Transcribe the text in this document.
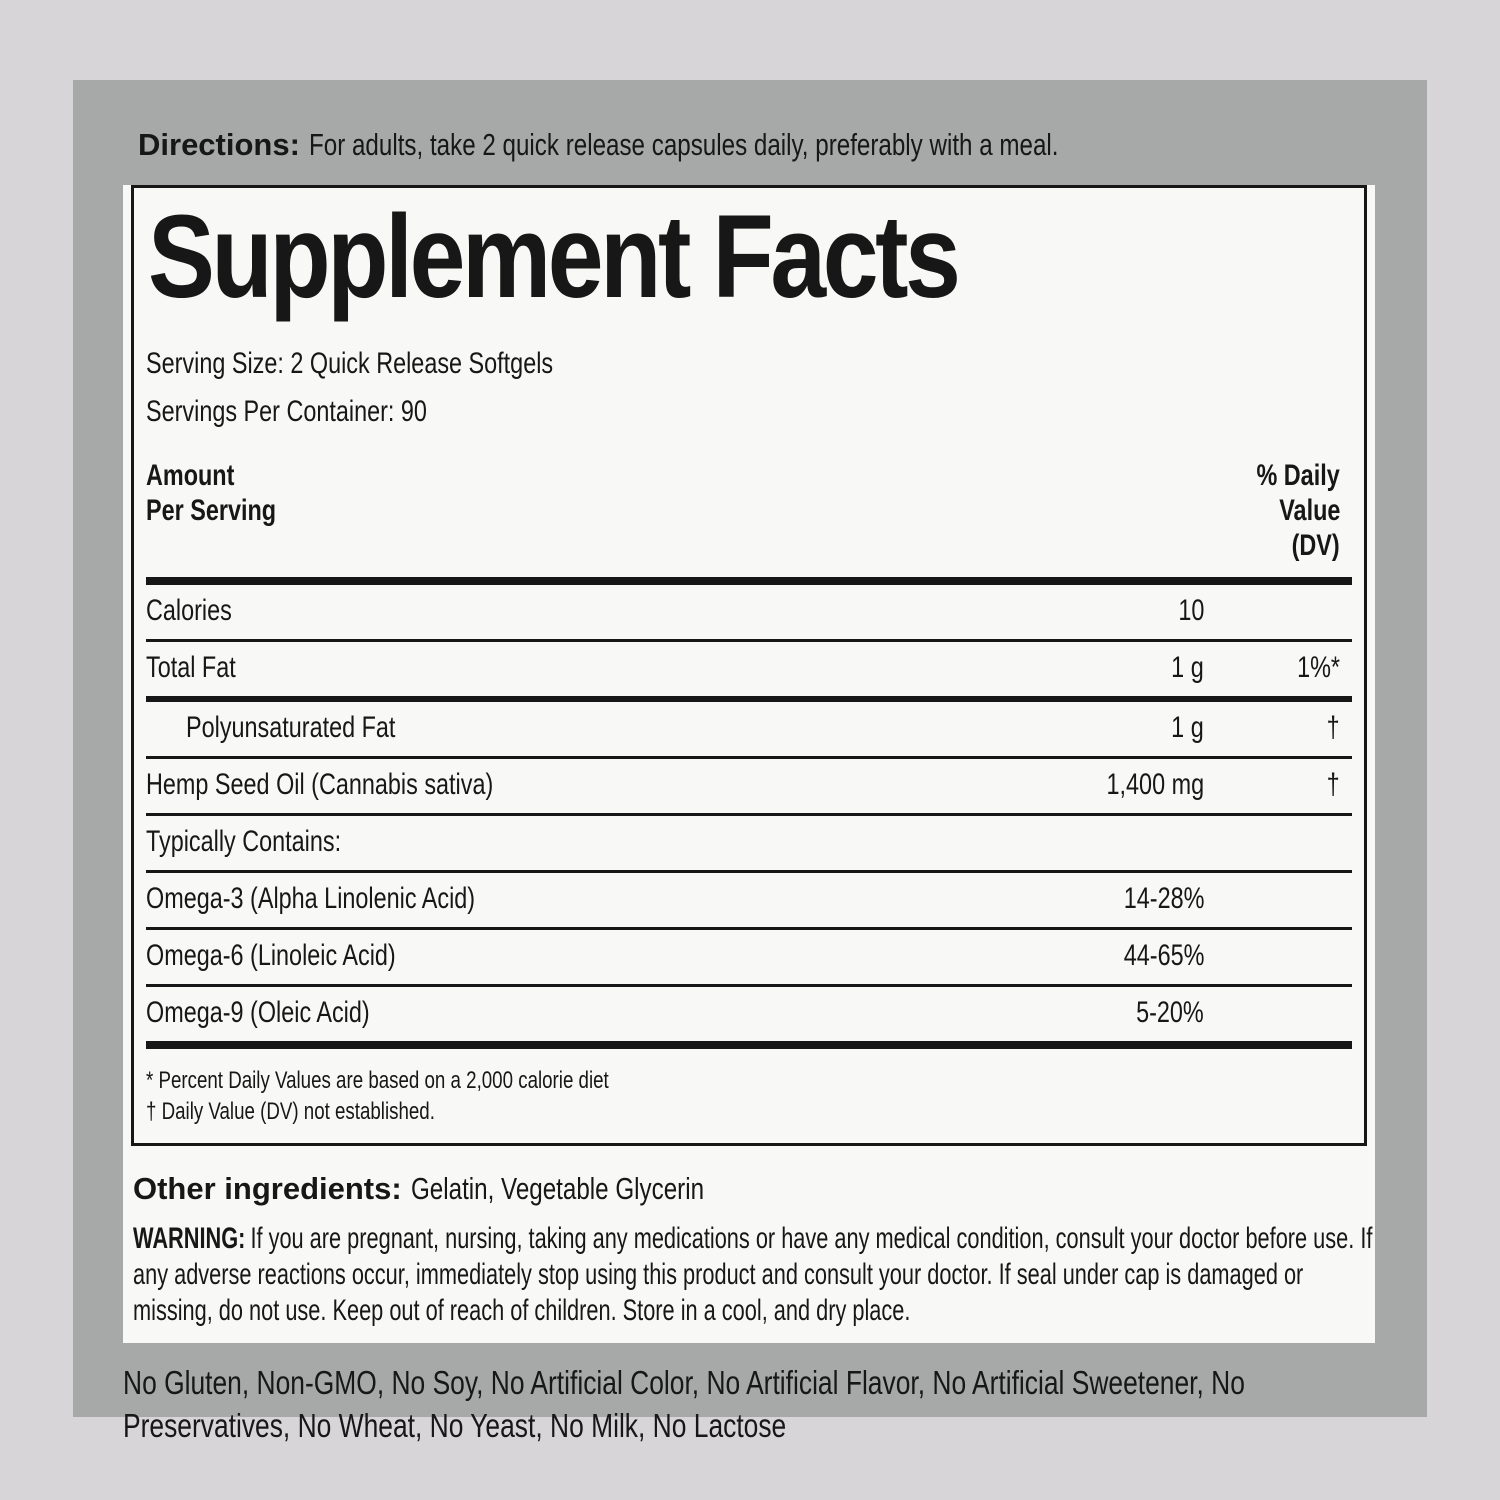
Directions: For adults, take 2 quick release capsules daily, preferably with a meal.
Supplement Facts
Serving Size: 2 Quick Release Softgels
Servings Per Container: 90
Amount
Per Serving
% Daily
Value
(DV)
Calories	10
Total Fat	1 g	1%*
Polyunsaturated Fat	1 g	†
Hemp Seed Oil (Cannabis sativa)	1,400 mg	†
Typically Contains:
Omega-3 (Alpha Linolenic Acid)	14-28%
Omega-6 (Linoleic Acid)	44-65%
Omega-9 (Oleic Acid)	5-20%
* Percent Daily Values are based on a 2,000 calorie diet
† Daily Value (DV) not established.
Other ingredients: Gelatin, Vegetable Glycerin
WARNING: If you are pregnant, nursing, taking any medications or have any medical condition, consult your doctor before use. If any adverse reactions occur, immediately stop using this product and consult your doctor. If seal under cap is damaged or missing, do not use. Keep out of reach of children. Store in a cool, and dry place.
No Gluten, Non-GMO, No Soy, No Artificial Color, No Artificial Flavor, No Artificial Sweetener, No Preservatives, No Wheat, No Yeast, No Milk, No Lactose
